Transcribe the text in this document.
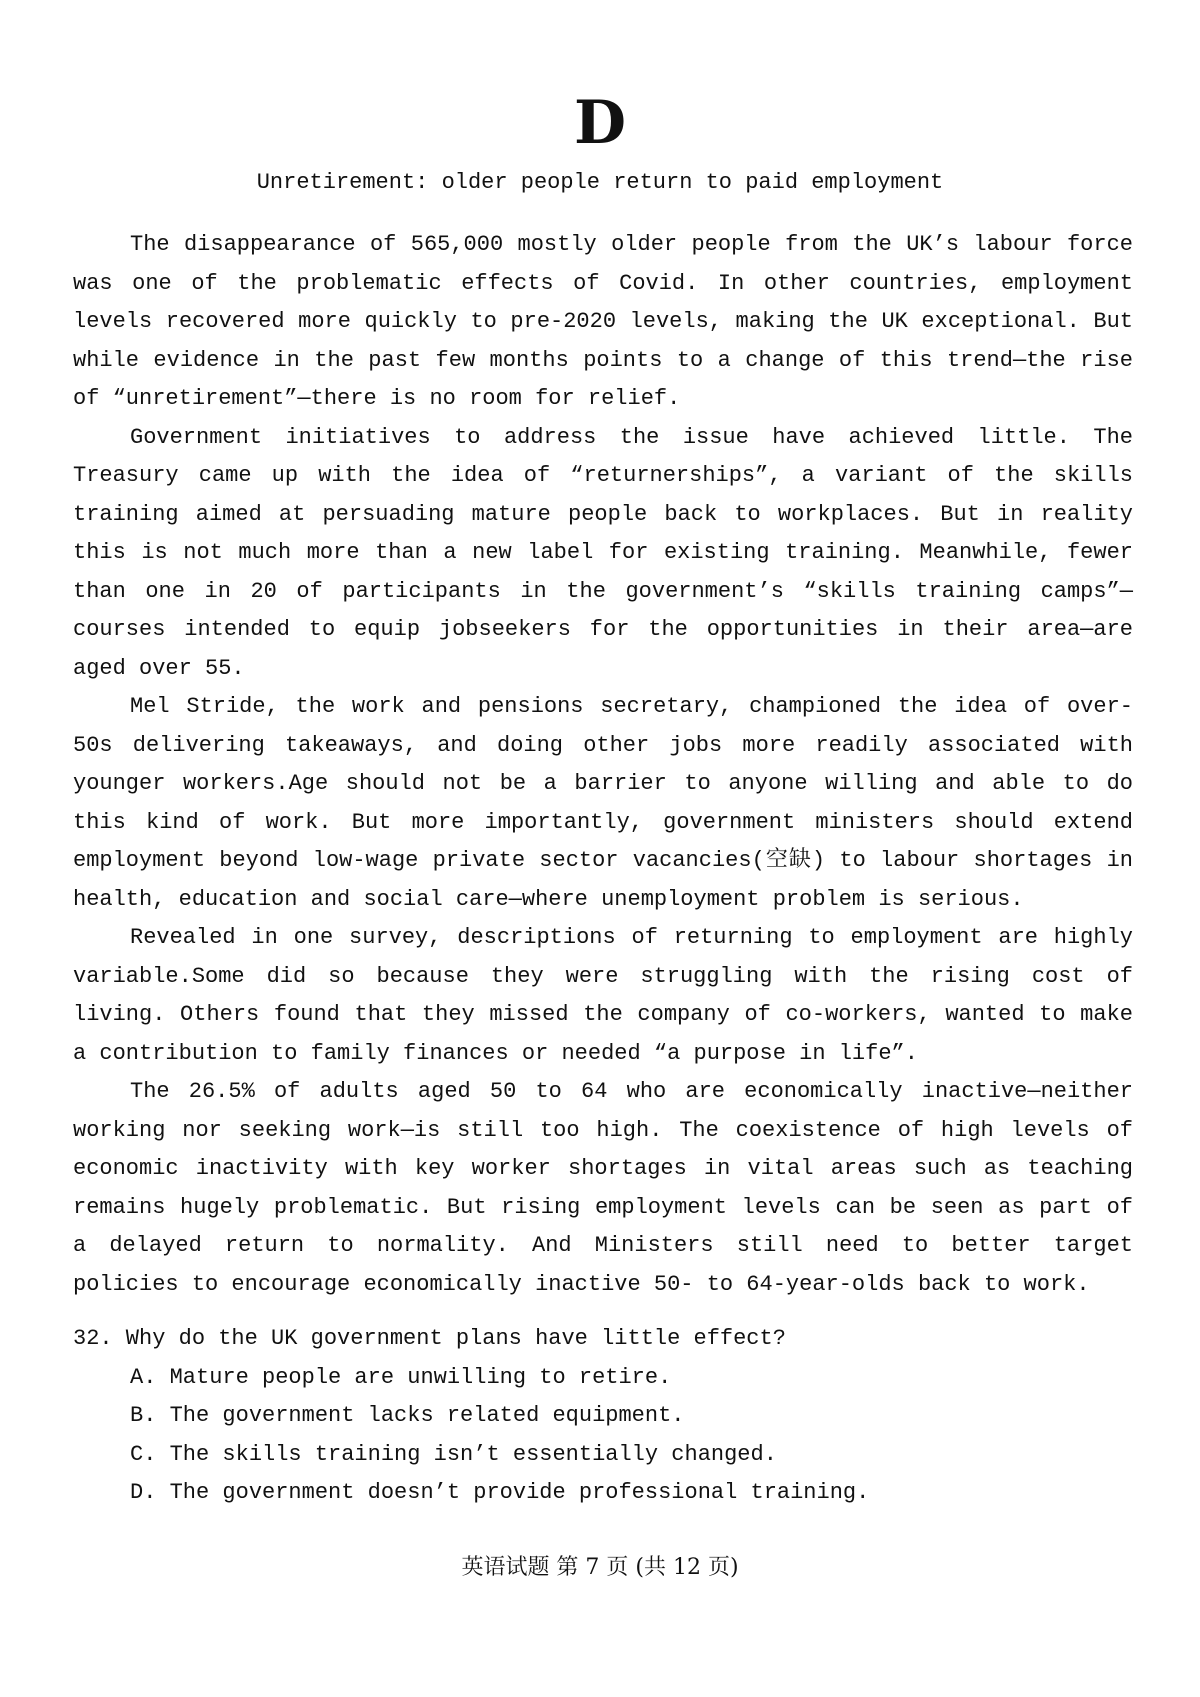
D
Unretirement: older people return to paid employment

The disappearance of 565,000 mostly older people from the UK’s labour force was one of the problematic effects of Covid. In other countries, employment levels recovered more quickly to pre-2020 levels, making the UK exceptional. But while evidence in the past few months points to a change of this trend—the rise of “unretirement”—there is no room for relief.

Government initiatives to address the issue have achieved little. The Treasury came up with the idea of “returnerships”, a variant of the skills training aimed at persuading mature people back to workplaces. But in reality this is not much more than a new label for existing training. Meanwhile, fewer than one in 20 of participants in the government’s “skills training camps”—courses intended to equip jobseekers for the opportunities in their area—are aged over 55.

Mel Stride, the work and pensions secretary, championed the idea of over-50s delivering takeaways, and doing other jobs more readily associated with younger workers.Age should not be a barrier to anyone willing and able to do this kind of work. But more importantly, government ministers should extend employment beyond low-wage private sector vacancies(空缺) to labour shortages in health, education and social care—where unemployment problem is serious.

Revealed in one survey, descriptions of returning to employment are highly variable.Some did so because they were struggling with the rising cost of living. Others found that they missed the company of co-workers, wanted to make a contribution to family finances or needed “a purpose in life”.

The 26.5% of adults aged 50 to 64 who are economically inactive—neither working nor seeking work—is still too high. The coexistence of high levels of economic inactivity with key worker shortages in vital areas such as teaching remains hugely problematic. But rising employment levels can be seen as part of a delayed return to normality. And Ministers still need to better target policies to encourage economically inactive 50- to 64-year-olds back to work.

32. Why do the UK government plans have little effect?

A. Mature people are unwilling to retire.
B. The government lacks related equipment.
C. The skills training isn’t essentially changed.
D. The government doesn’t provide professional training.
英语试题 第 7 页 (共 12 页)
